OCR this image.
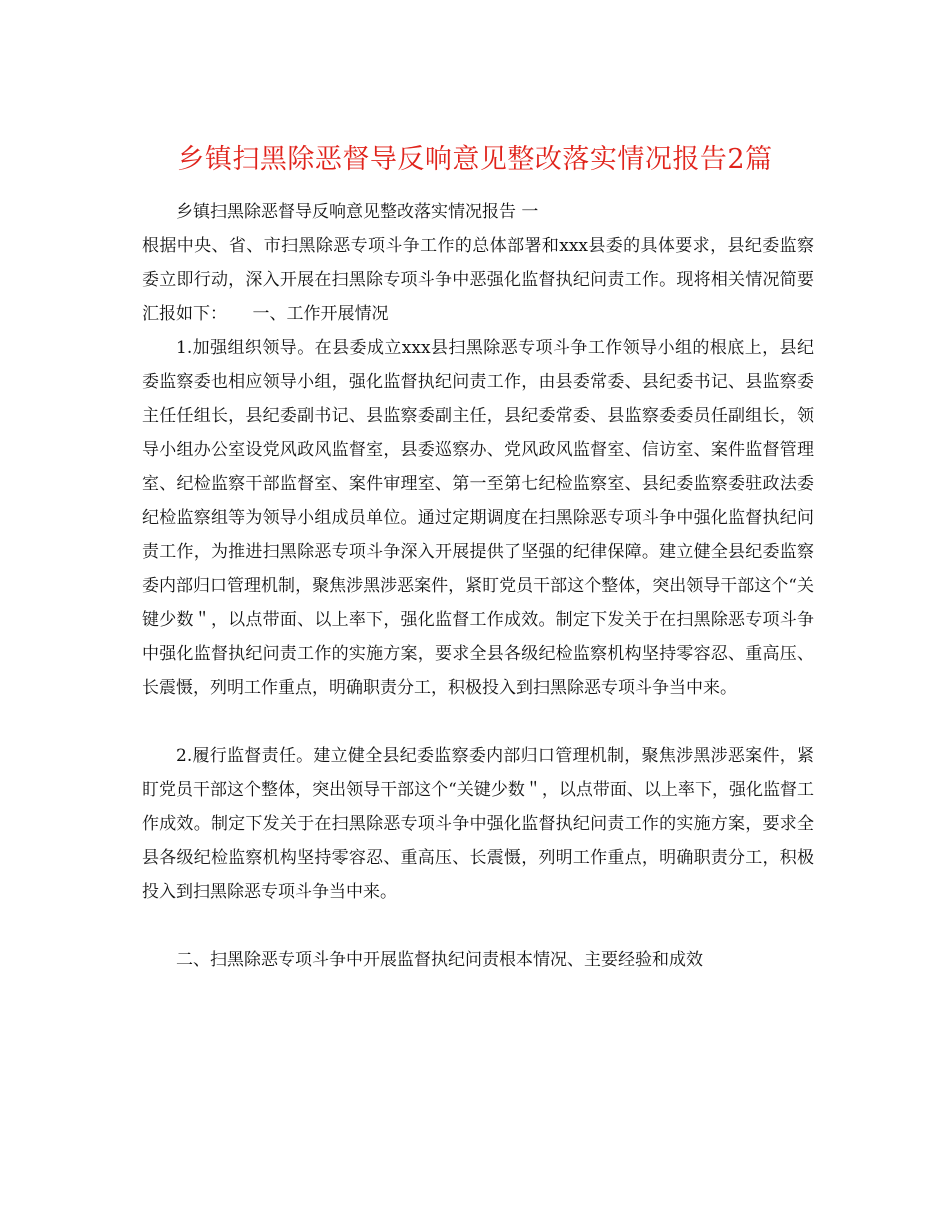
乡镇扫黑除恶督导反响意见整改落实情况报告2篇

乡镇扫黑除恶督导反响意见整改落实情况报告 一

根据中央、省、市扫黑除恶专项斗争工作的总体部署和xxx县委的具体要求，县纪委监察委立即行动，深入开展在扫黑除专项斗争中恶强化监督执纪问责工作。现将相关情况简要汇报如下：　　一、工作开展情况

1.加强组织领导。在县委成立xxx县扫黑除恶专项斗争工作领导小组的根底上，县纪委监察委也相应领导小组，强化监督执纪问责工作，由县委常委、县纪委书记、县监察委主任任组长，县纪委副书记、县监察委副主任，县纪委常委、县监察委委员任副组长，领导小组办公室设党风政风监督室，县委巡察办、党风政风监督室、信访室、案件监督管理室、纪检监察干部监督室、案件审理室、第一至第七纪检监察室、县纪委监察委驻政法委纪检监察组等为领导小组成员单位。通过定期调度在扫黑除恶专项斗争中强化监督执纪问责工作，为推进扫黑除恶专项斗争深入开展提供了坚强的纪律保障。建立健全县纪委监察委内部归口管理机制，聚焦涉黑涉恶案件，紧盯党员干部这个整体，突出领导干部这个“关键少数＂，以点带面、以上率下，强化监督工作成效。制定下发关于在扫黑除恶专项斗争中强化监督执纪问责工作的实施方案，要求全县各级纪检监察机构坚持零容忍、重高压、长震慑，列明工作重点，明确职责分工，积极投入到扫黑除恶专项斗争当中来。

2.履行监督责任。建立健全县纪委监察委内部归口管理机制，聚焦涉黑涉恶案件，紧盯党员干部这个整体，突出领导干部这个“关键少数＂，以点带面、以上率下，强化监督工作成效。制定下发关于在扫黑除恶专项斗争中强化监督执纪问责工作的实施方案，要求全县各级纪检监察机构坚持零容忍、重高压、长震慑，列明工作重点，明确职责分工，积极投入到扫黑除恶专项斗争当中来。

二、扫黑除恶专项斗争中开展监督执纪问责根本情况、主要经验和成效
